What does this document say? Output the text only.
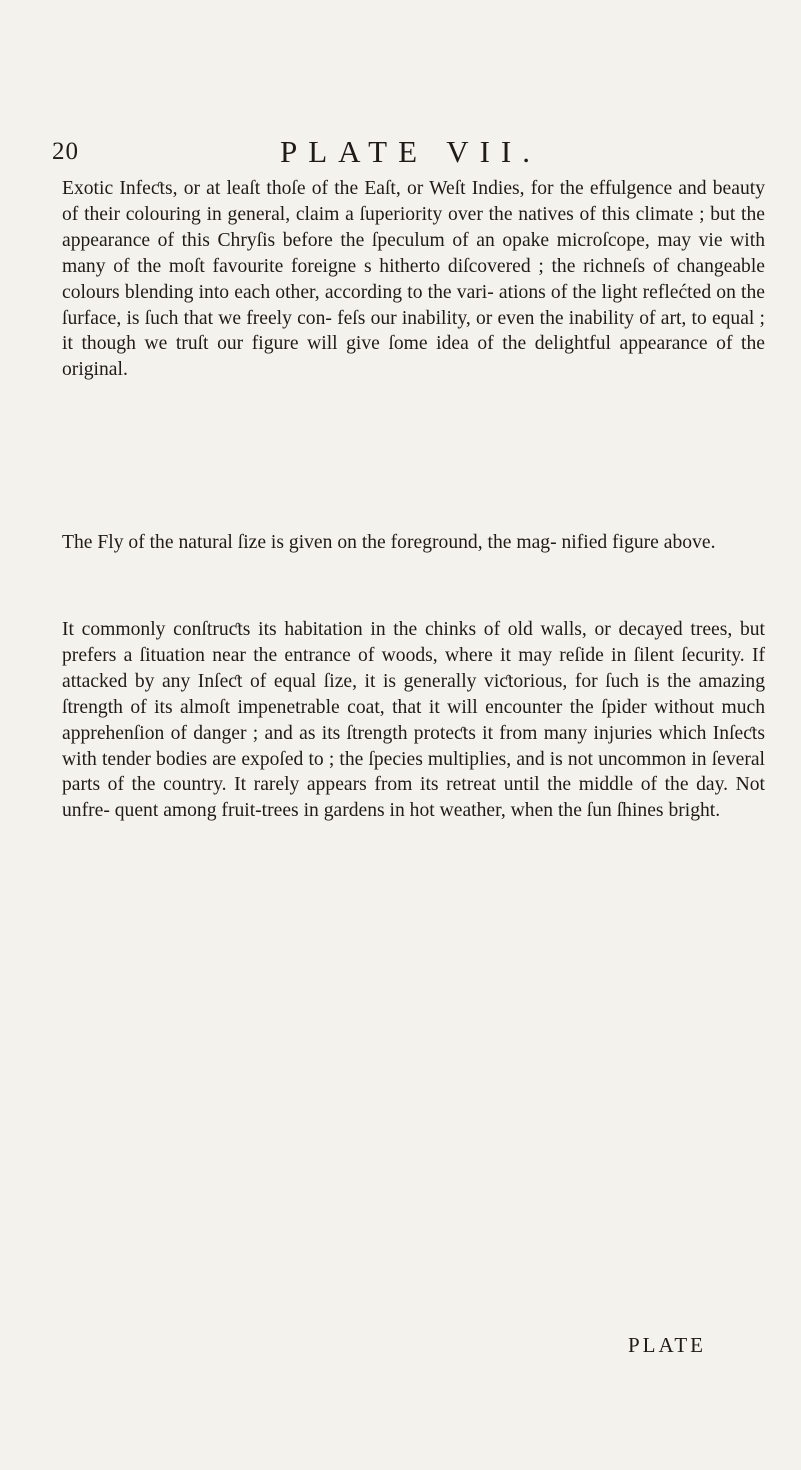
20	PLATE VII.

Exotic Infeƈts, or at leaſt thoſe of the Eaſt, or Weſt Indies, for the effulgence and beauty of their colouring in general, claim a ſuperiority over the natives of this climate ; but the appearance of this Chryſis before the ſpeculum of an opake microſcope, may vie with many of the moſt favourite foreigne s hitherto diſcovered ; the richneſs of changeable colours blending into each other, according to the vari- ations of the light reflećted on the ſurface, is ſuch that we freely con- feſs our inability, or even the inability of art, to equal ; it though we truſt our figure will give ſome idea of the delightful appearance of the original.

The Fly of the natural ſize is given on the foreground, the mag- nified figure above.

It commonly conſtruƈts its habitation in the chinks of old walls, or decayed trees, but prefers a ſituation near the entrance of woods, where it may reſide in ſilent ſecurity. If attacked by any Inſeƈt of equal ſize, it is generally viƈtorious, for ſuch is the amazing ſtrength of its almoſt impenetrable coat, that it will encounter the ſpider without much apprehenſion of danger ; and as its ſtrength proteƈts it from many injuries which Inſeƈts with tender bodies are expoſed to ; the ſpecies multiplies, and is not uncommon in ſeveral parts of the country. It rarely appears from its retreat until the middle of the day. Not unfre- quent among fruit-trees in gardens in hot weather, when the ſun ſhines bright.

PLATE
